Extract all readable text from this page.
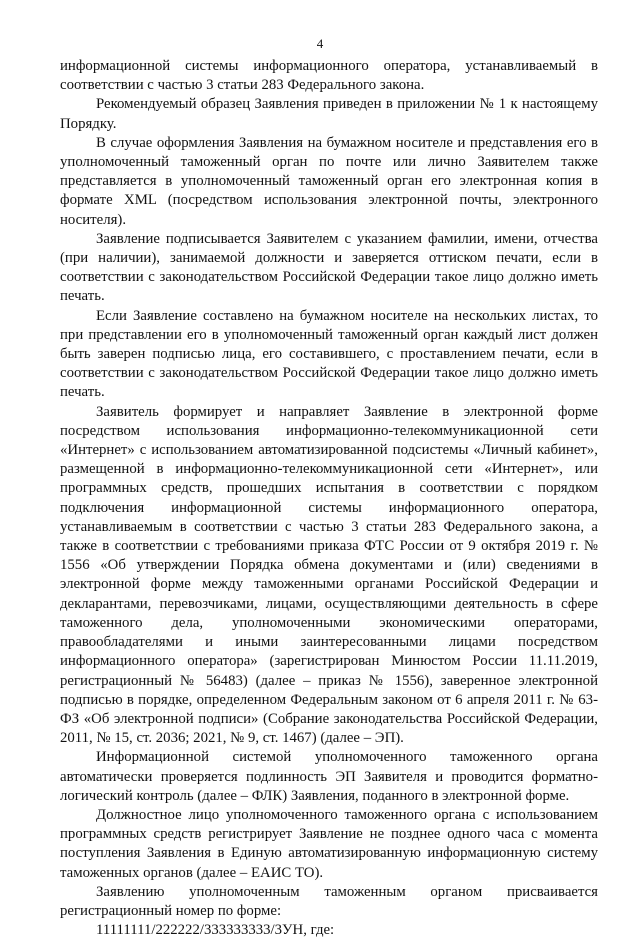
4

информационной системы информационного оператора, устанавливаемый в соответствии с частью 3 статьи 283 Федерального закона.

Рекомендуемый образец Заявления приведен в приложении № 1 к настоящему Порядку.

В случае оформления Заявления на бумажном носителе и представления его в уполномоченный таможенный орган по почте или лично Заявителем также представляется в уполномоченный таможенный орган его электронная копия в формате XML (посредством использования электронной почты, электронного носителя).

Заявление подписывается Заявителем с указанием фамилии, имени, отчества (при наличии), занимаемой должности и заверяется оттиском печати, если в соответствии с законодательством Российской Федерации такое лицо должно иметь печать.

Если Заявление составлено на бумажном носителе на нескольких листах, то при представлении его в уполномоченный таможенный орган каждый лист должен быть заверен подписью лица, его составившего, с проставлением печати, если в соответствии с законодательством Российской Федерации такое лицо должно иметь печать.

Заявитель формирует и направляет Заявление в электронной форме посредством использования информационно-телекоммуникационной сети «Интернет» с использованием автоматизированной подсистемы «Личный кабинет», размещенной в информационно-телекоммуникационной сети «Интернет», или программных средств, прошедших испытания в соответствии с порядком подключения информационной системы информационного оператора, устанавливаемым в соответствии с частью 3 статьи 283 Федерального закона, а также в соответствии с требованиями приказа ФТС России от 9 октября 2019 г. № 1556 «Об утверждении Порядка обмена документами и (или) сведениями в электронной форме между таможенными органами Российской Федерации и декларантами, перевозчиками, лицами, осуществляющими деятельность в сфере таможенного дела, уполномоченными экономическими операторами, правообладателями и иными заинтересованными лицами посредством информационного оператора» (зарегистрирован Минюстом России 11.11.2019, регистрационный № 56483) (далее – приказ № 1556), заверенное электронной подписью в порядке, определенном Федеральным законом от 6 апреля 2011 г. № 63-ФЗ «Об электронной подписи» (Собрание законодательства Российской Федерации, 2011, № 15, ст. 2036; 2021, № 9, ст. 1467) (далее – ЭП).

Информационной системой уполномоченного таможенного органа автоматически проверяется подлинность ЭП Заявителя и проводится форматно-логический контроль (далее – ФЛК) Заявления, поданного в электронной форме.

Должностное лицо уполномоченного таможенного органа с использованием программных средств регистрирует Заявление не позднее одного часа с момента поступления Заявления в Единую автоматизированную информационную систему таможенных органов (далее – ЕАИС ТО).

Заявлению уполномоченным таможенным органом присваивается регистрационный номер по форме:

11111111/222222/333333333/3УН, где:
